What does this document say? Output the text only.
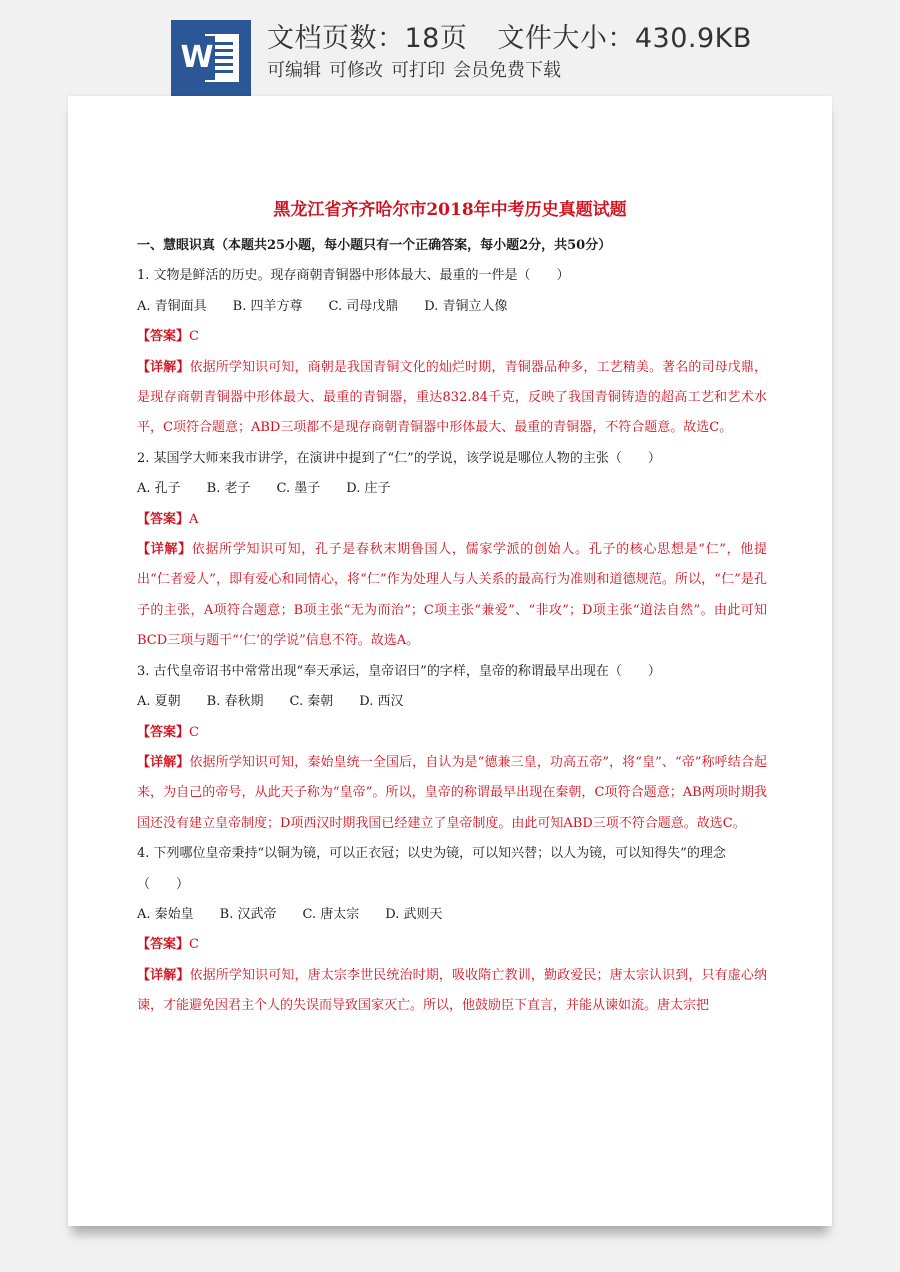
W
文档页数：18页 文件大小：430.9KB
可编辑 可修改 可打印 会员免费下载
黑龙江省齐齐哈尔市2018年中考历史真题试题

一、慧眼识真（本题共25小题，每小题只有一个正确答案，每小题2分，共50分）

1. 文物是鲜活的历史。现存商朝青铜器中形体最大、最重的一件是（　　）

A. 青铜面具 B. 四羊方尊 C. 司母戊鼎 D. 青铜立人像

【答案】C

【详解】依据所学知识可知，商朝是我国青铜文化的灿烂时期，青铜器品种多，工艺精美。著名的司母戊鼎，是现存商朝青铜器中形体最大、最重的青铜器，重达832.84千克，反映了我国青铜铸造的超高工艺和艺术水平，C项符合题意；ABD三项都不是现存商朝青铜器中形体最大、最重的青铜器，不符合题意。故选C。

2. 某国学大师来我市讲学，在演讲中提到了“仁”的学说，该学说是哪位人物的主张（　　）

A. 孔子 B. 老子 C. 墨子 D. 庄子

【答案】A

【详解】依据所学知识可知，孔子是春秋末期鲁国人，儒家学派的创始人。孔子的核心思想是“仁”，他提出“仁者爱人”，即有爱心和同情心，将“仁”作为处理人与人关系的最高行为准则和道德规范。所以，“仁”是孔子的主张，A项符合题意；B项主张“无为而治”；C项主张“兼爱”、“非攻”；D项主张“道法自然”。由此可知BCD三项与题干“‘仁’的学说”信息不符。故选A。

3. 古代皇帝诏书中常常出现“奉天承运，皇帝诏曰”的字样，皇帝的称谓最早出现在（　　）

A. 夏朝 B. 春秋期 C. 秦朝 D. 西汉

【答案】C

【详解】依据所学知识可知，秦始皇统一全国后，自认为是“德兼三皇，功高五帝”，将“皇”、“帝”称呼结合起来，为自己的帝号，从此天子称为“皇帝”。所以，皇帝的称谓最早出现在秦朝，C项符合题意；AB两项时期我国还没有建立皇帝制度；D项西汉时期我国已经建立了皇帝制度。由此可知ABD三项不符合题意。故选C。

4. 下列哪位皇帝秉持“以铜为镜，可以正衣冠；以史为镜，可以知兴替；以人为镜，可以知得失”的理念（　　）

A. 秦始皇 B. 汉武帝 C. 唐太宗 D. 武则天

【答案】C

【详解】依据所学知识可知，唐太宗李世民统治时期，吸收隋亡教训，勤政爱民；唐太宗认识到，只有虚心纳谏，才能避免因君主个人的失误而导致国家灭亡。所以，他鼓励臣下直言，并能从谏如流。唐太宗把
